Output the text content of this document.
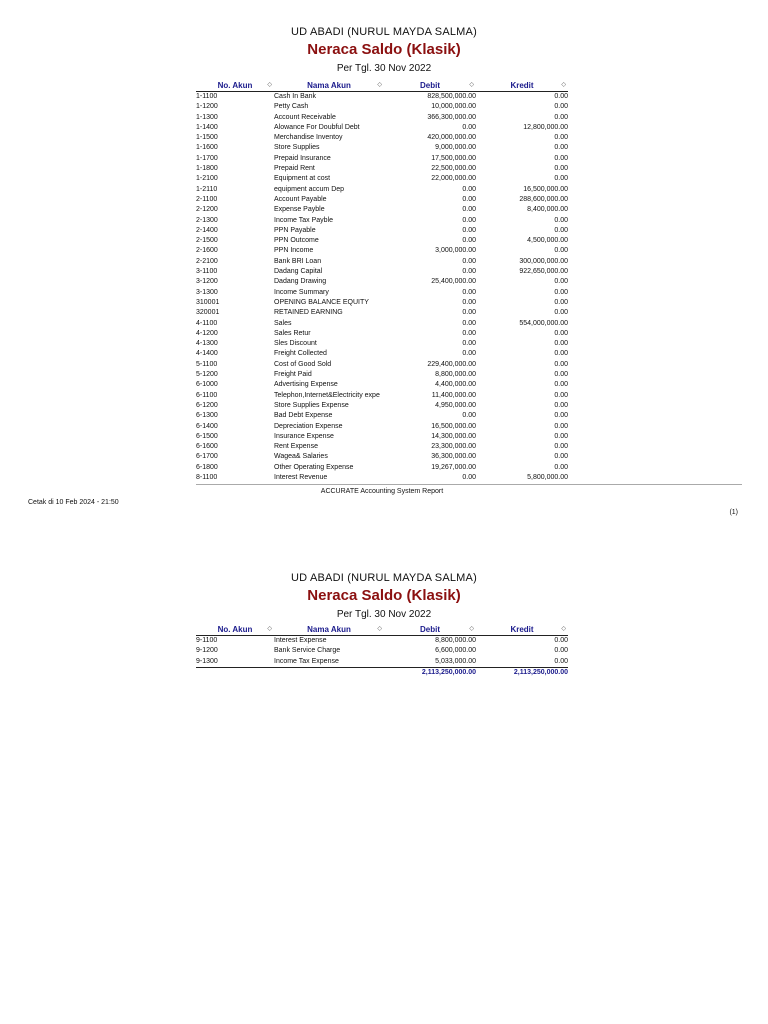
UD ABADI (NURUL MAYDA SALMA)

Neraca Saldo (Klasik)

Per Tgl. 30 Nov 2022

No. Akun ◇	Nama Akun ◇	Debit ◇	Kredit ◇

1-1100	Cash In Bank	828,500,000.00	0.00
1-1200	Petty Cash	10,000,000.00	0.00
1-1300	Account Receivable	366,300,000.00	0.00
1-1400	Alowance For Doubful Debt	0.00	12,800,000.00
1-1500	Merchandise Inventoy	420,000,000.00	0.00
1-1600	Store Supplies	9,000,000.00	0.00
1-1700	Prepaid Insurance	17,500,000.00	0.00
1-1800	Prepaid Rent	22,500,000.00	0.00
1-2100	Equipment at cost	22,000,000.00	0.00
1-2110	equipment accum Dep	0.00	16,500,000.00
2-1100	Account Payable	0.00	288,600,000.00
2-1200	Expense Payble	0.00	8,400,000.00
2-1300	Income Tax Payble	0.00	0.00
2-1400	PPN Payable	0.00	0.00
2-1500	PPN Outcome	0.00	4,500,000.00
2-1600	PPN Income	3,000,000.00	0.00
2-2100	Bank BRI Loan	0.00	300,000,000.00
3-1100	Dadang Capital	0.00	922,650,000.00
3-1200	Dadang Drawing	25,400,000.00	0.00
3-1300	Income Summary	0.00	0.00
310001	OPENING BALANCE EQUITY	0.00	0.00
320001	RETAINED EARNING	0.00	0.00
4-1100	Sales	0.00	554,000,000.00
4-1200	Sales Retur	0.00	0.00
4-1300	Sles Discount	0.00	0.00
4-1400	Freight Collected	0.00	0.00
5-1100	Cost of Good Sold	229,400,000.00	0.00
5-1200	Freight Paid	8,800,000.00	0.00
6-1000	Advertising Expense	4,400,000.00	0.00
6-1100	Telephon,Internet&Electricity expe	11,400,000.00	0.00
6-1200	Store Supplies Expense	4,950,000.00	0.00
6-1300	Bad Debt Expense	0.00	0.00
6-1400	Depreciation Expense	16,500,000.00	0.00
6-1500	Insurance Expense	14,300,000.00	0.00
6-1600	Rent Expense	23,300,000.00	0.00
6-1700	Wagea& Salaries	36,300,000.00	0.00
6-1800	Other Operating Expense	19,267,000.00	0.00
8-1100	Interest Revenue	0.00	5,800,000.00
ACCURATE Accounting System Report
Cetak di 10 Feb 2024 - 21:50
(1)

UD ABADI (NURUL MAYDA SALMA)

Neraca Saldo (Klasik)

Per Tgl. 30 Nov 2022

No. Akun ◇	Nama Akun ◇	Debit ◇	Kredit ◇

9-1100	Interest Expense	8,800,000.00	0.00
9-1200	Bank Service Charge	6,600,000.00	0.00
9-1300	Income Tax Expense	5,033,000.00	0.00
		2,113,250,000.00	2,113,250,000.00
